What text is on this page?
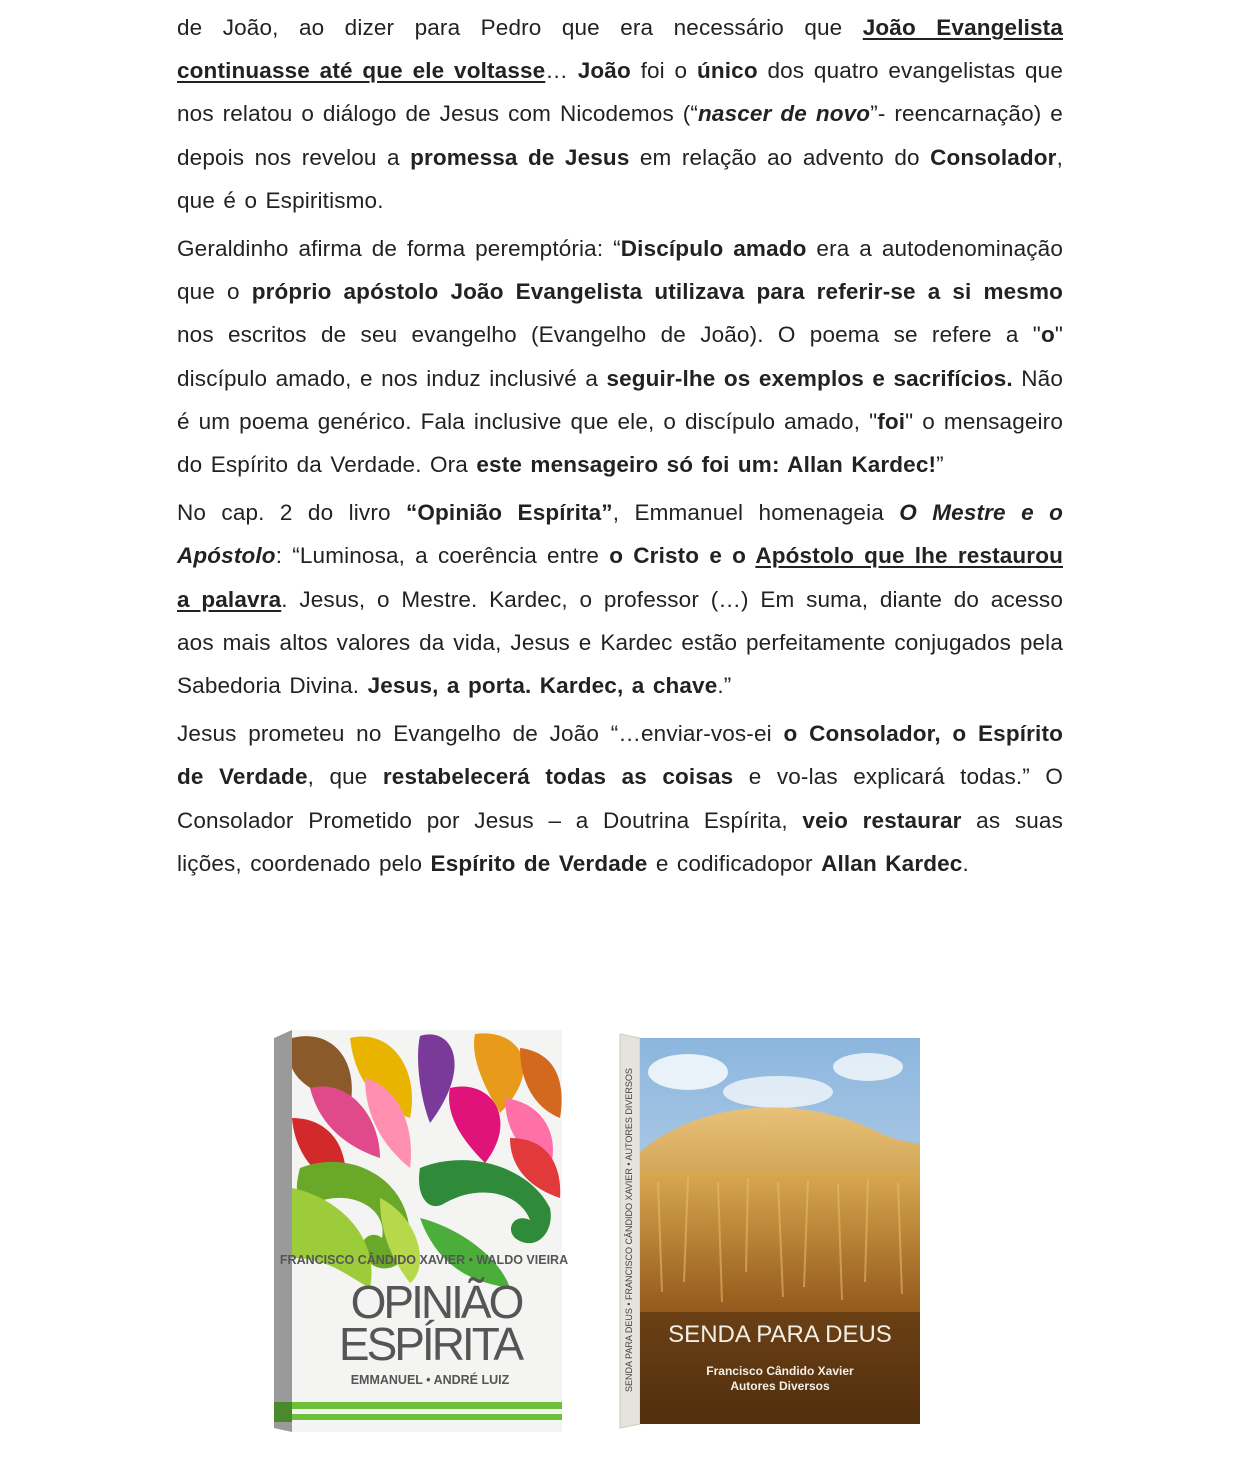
de João, ao dizer para Pedro que era necessário que João Evangelista continuasse até que ele voltasse… João foi o único dos quatro evangelistas que nos relatou o diálogo de Jesus com Nicodemos (“nascer de novo”- reencarnação) e depois nos revelou a promessa de Jesus em relação ao advento do Consolador, que é o Espiritismo.

Geraldinho afirma de forma peremptória: “Discípulo amado era a autodenominação que o próprio apóstolo João Evangelista utilizava para referir-se a si mesmo nos escritos de seu evangelho (Evangelho de João). O poema se refere a "o" discípulo amado, e nos induz inclusivé a seguir-lhe os exemplos e sacrifícios. Não é um poema genérico. Fala inclusive que ele, o discípulo amado, "foi" o mensageiro do Espírito da Verdade. Ora este mensageiro só foi um: Allan Kardec!”

No cap. 2 do livro “Opinião Espírita”, Emmanuel homenageia O Mestre e o Apóstolo: “Luminosa, a coerência entre o Cristo e o Apóstolo que lhe restaurou a palavra. Jesus, o Mestre. Kardec, o professor (…) Em suma, diante do acesso aos mais altos valores da vida, Jesus e Kardec estão perfeitamente conjugados pela Sabedoria Divina. Jesus, a porta. Kardec, a chave.”

Jesus prometeu no Evangelho de João “…enviar-vos-ei o Consolador, o Espírito de Verdade, que restabelecerá todas as coisas e vo-las explicará todas.” O Consolador Prometido por Jesus – a Doutrina Espírita, veio restaurar as suas lições, coordenado pelo Espírito de Verdade e codificadopor Allan Kardec.

FRANCISCO CÂNDIDO XAVIER • WALDO VIEIRA
OPINIÃO
ESPÍRITA
EMMANUEL • ANDRÉ LUIZ	SENDA PARA DEUS • FRANCISCO CÂNDIDO XAVIER • AUTORES DIVERSOS SENDA PARA DEUS
Francisco Cândido Xavier
Autores Diversos
